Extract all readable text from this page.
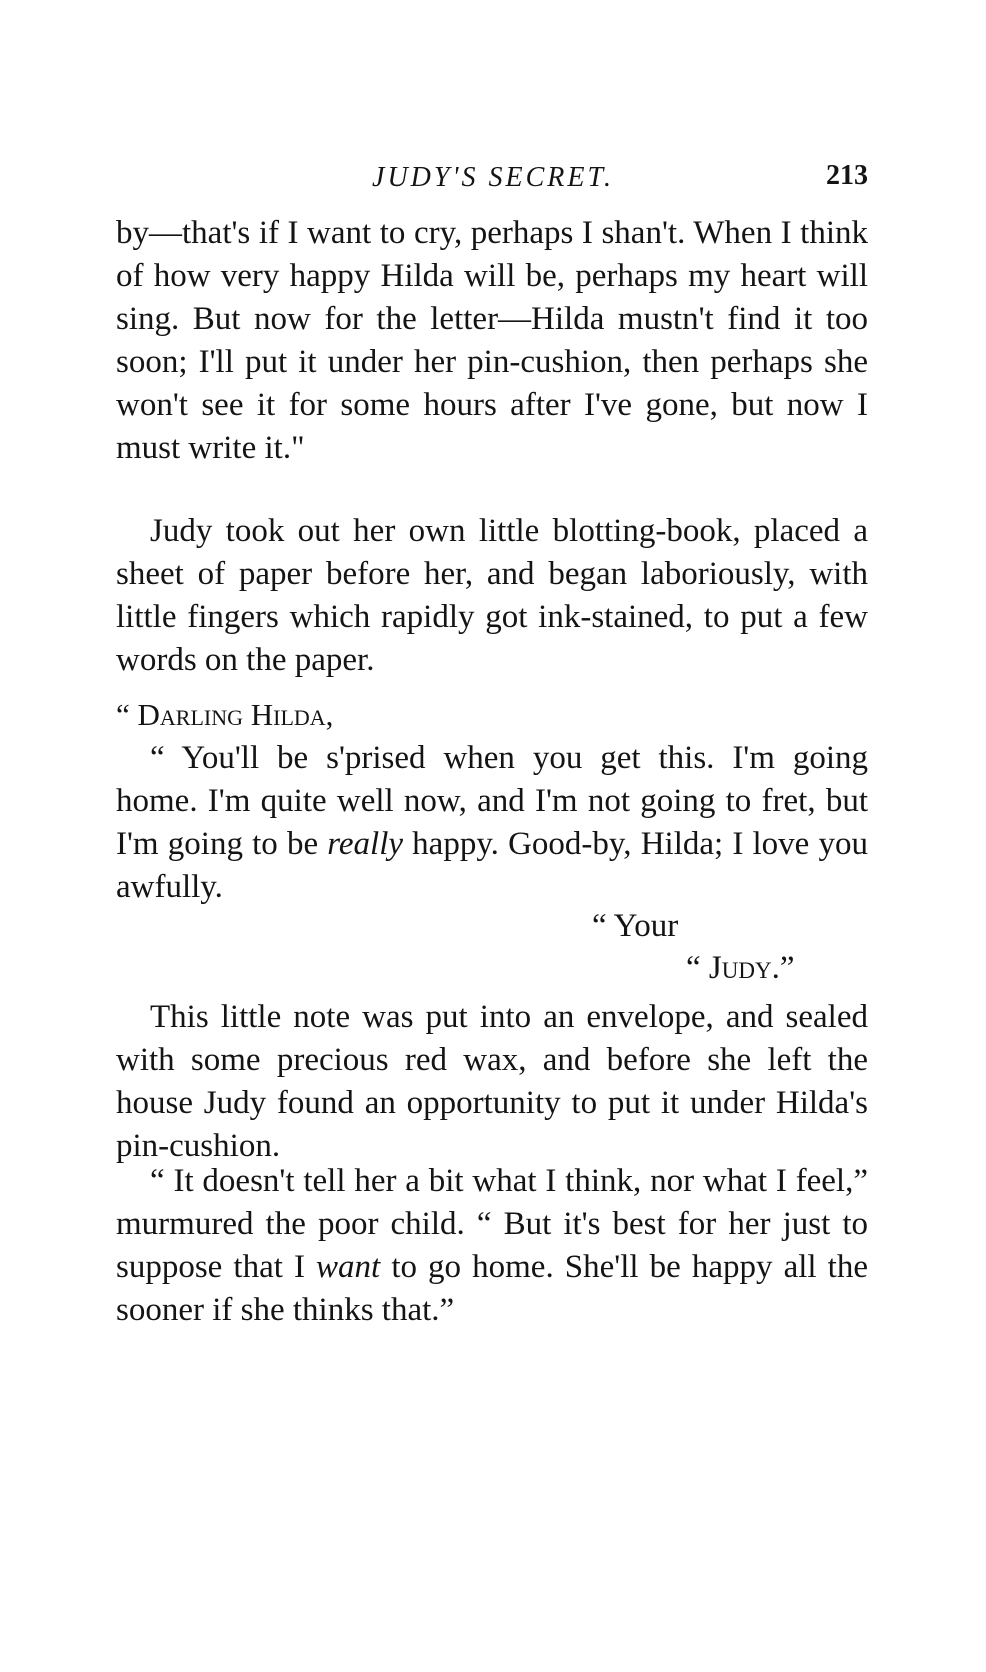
JUDY'S SECRET.	213

by—that's if I want to cry, perhaps I shan't. When I think of how very happy Hilda will be, perhaps my heart will sing. But now for the letter—Hilda mustn't find it too soon; I'll put it under her pin-cushion, then perhaps she won't see it for some hours after I've gone, but now I must write it."

Judy took out her own little blotting-book, placed a sheet of paper before her, and began laboriously, with little fingers which rapidly got ink-stained, to put a few words on the paper.

“ Darling Hilda,

“ You'll be s'prised when you get this. I'm going home. I'm quite well now, and I'm not going to fret, but I'm going to be really happy. Good-by, Hilda; I love you awfully.

“ Your
“ Judy.”

This little note was put into an envelope, and sealed with some precious red wax, and before she left the house Judy found an opportunity to put it under Hilda's pin-cushion.

“ It doesn't tell her a bit what I think, nor what I feel,” murmured the poor child. “ But it's best for her just to suppose that I want to go home. She'll be happy all the sooner if she thinks that.”
